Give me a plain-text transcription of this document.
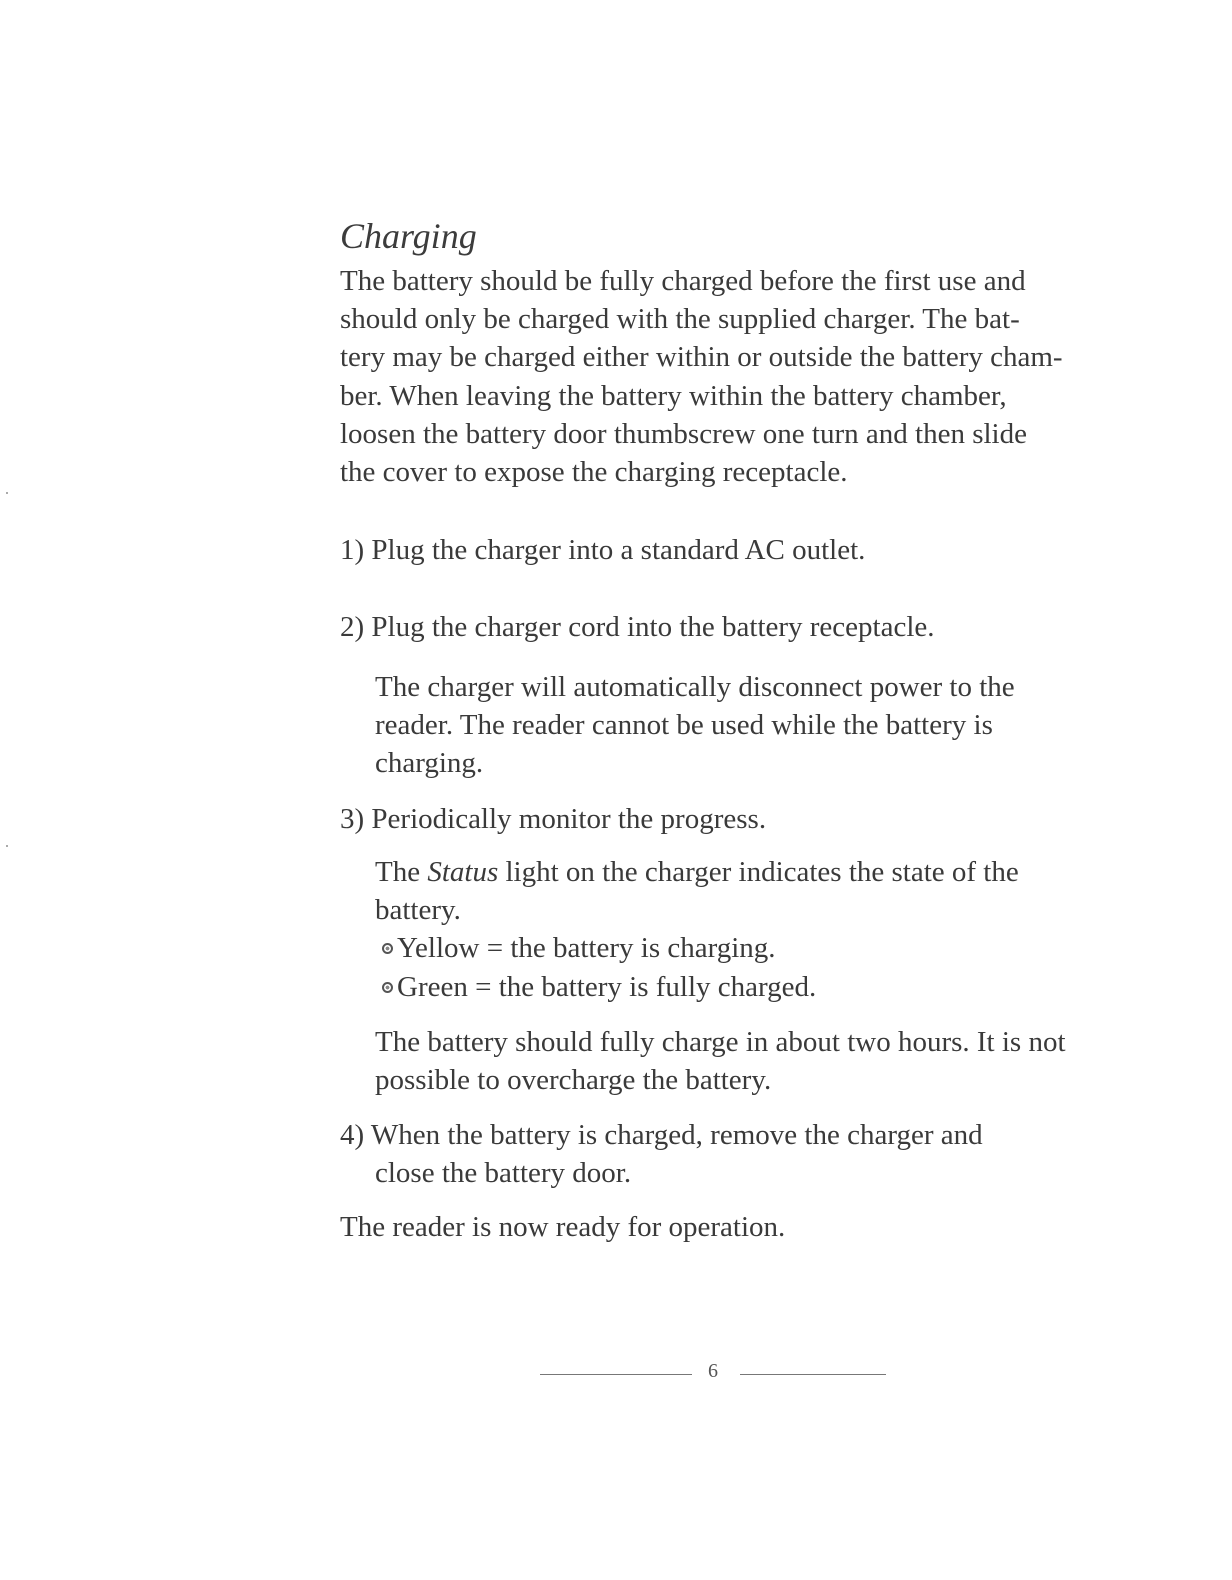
Charging
The battery should be fully charged before the first use and
should only be charged with the supplied charger. The bat-
tery may be charged either within or outside the battery cham-
ber. When leaving the battery within the battery chamber,
loosen the battery door thumbscrew one turn and then slide
the cover to expose the charging receptacle.
1) Plug the charger into a standard AC outlet.
2) Plug the charger cord into the battery receptacle.
The charger will automatically disconnect power to the
reader. The reader cannot be used while the battery is
charging.
3) Periodically monitor the progress.
The Status light on the charger indicates the state of the
battery.
Yellow = the battery is charging.
Green = the battery is fully charged.
The battery should fully charge in about two hours. It is not
possible to overcharge the battery.
4) When the battery is charged, remove the charger and
close the battery door.
The reader is now ready for operation.
6
